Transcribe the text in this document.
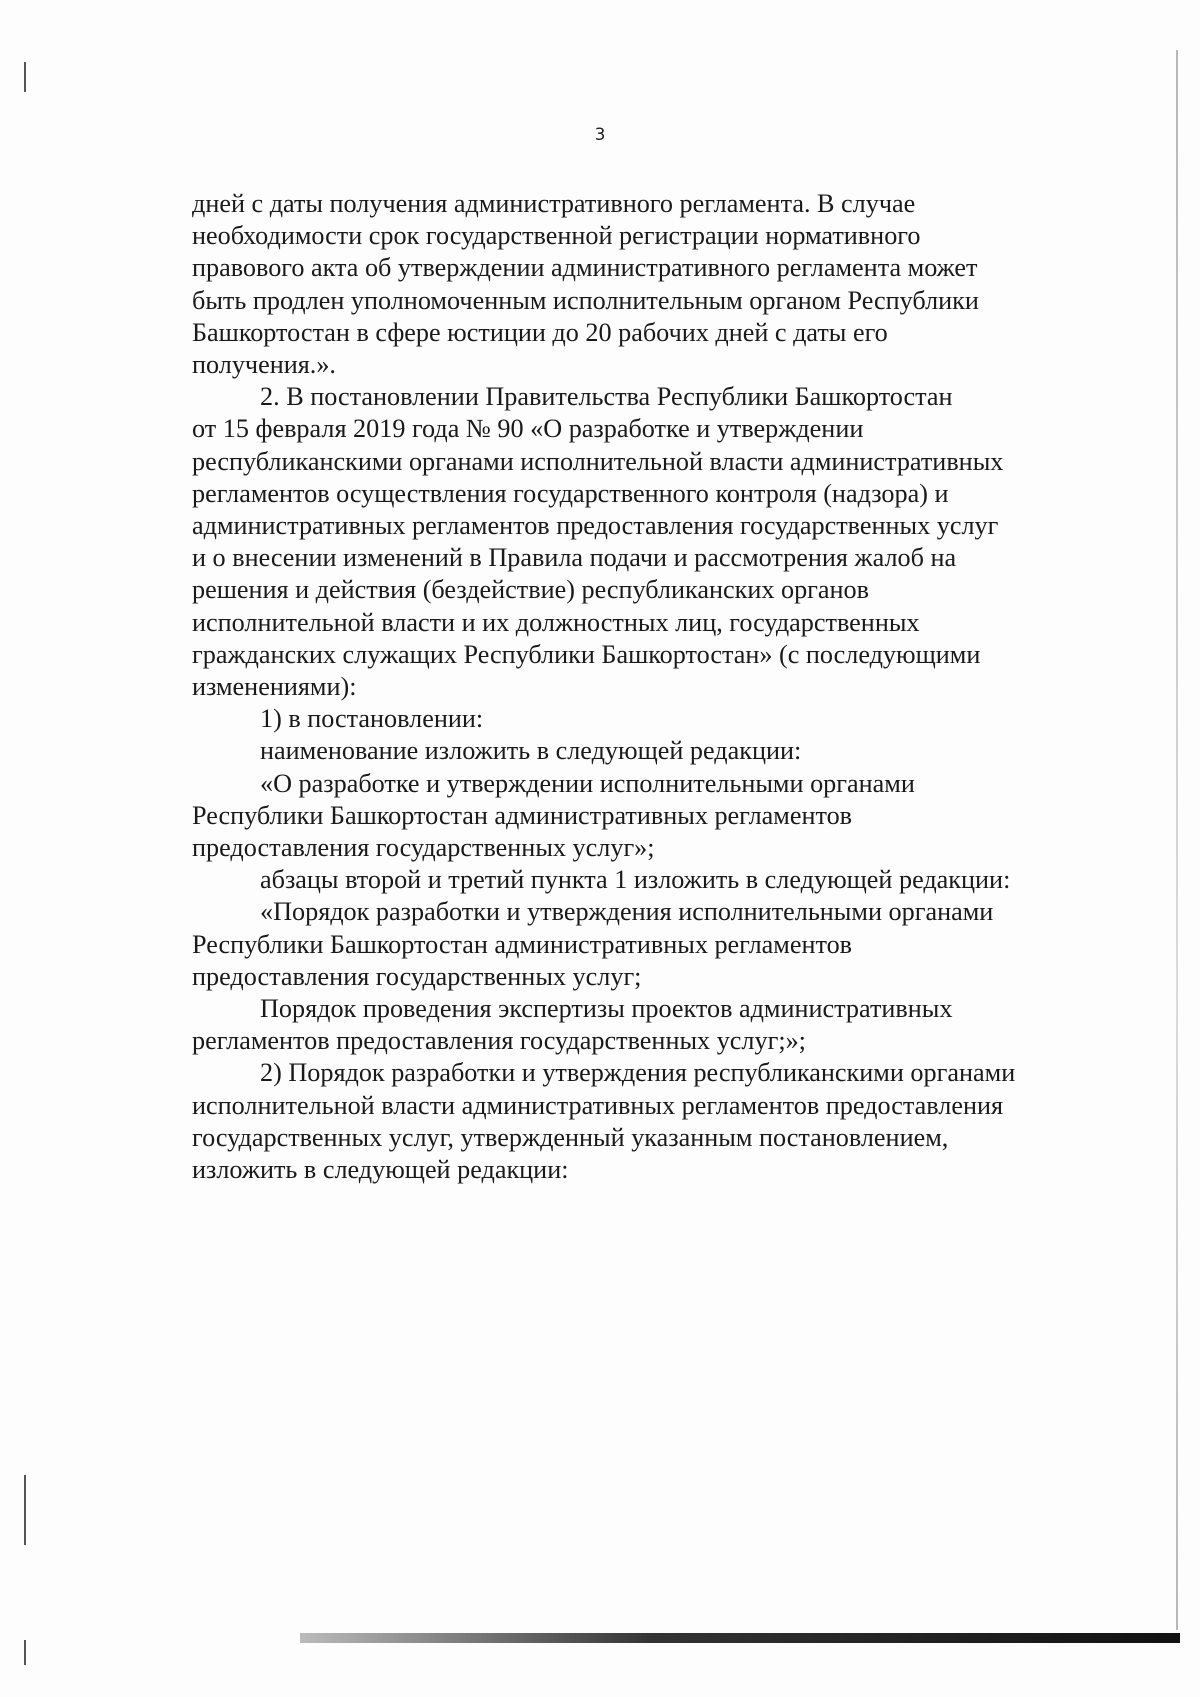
3

дней с даты получения административного регламента. В случае

необходимости срок государственной регистрации нормативного

правового акта об утверждении административного регламента может

быть продлен уполномоченным исполнительным органом Республики

Башкортостан в сфере юстиции до 20 рабочих дней с даты его

получения.».

2. В постановлении Правительства Республики Башкортостан

от 15 февраля 2019 года № 90 «О разработке и утверждении

республиканскими органами исполнительной власти административных

регламентов осуществления государственного контроля (надзора) и

административных регламентов предоставления государственных услуг

и о внесении изменений в Правила подачи и рассмотрения жалоб на

решения и действия (бездействие) республиканских органов

исполнительной власти и их должностных лиц, государственных

гражданских служащих Республики Башкортостан» (с последующими

изменениями):

1) в постановлении:

наименование изложить в следующей редакции:

«О разработке и утверждении исполнительными органами

Республики Башкортостан административных регламентов

предоставления государственных услуг»;

абзацы второй и третий пункта 1 изложить в следующей редакции:

«Порядок разработки и утверждения исполнительными органами

Республики Башкортостан административных регламентов

предоставления государственных услуг;

Порядок проведения экспертизы проектов административных

регламентов предоставления государственных услуг;»;

2) Порядок разработки и утверждения республиканскими органами

исполнительной власти административных регламентов предоставления

государственных услуг, утвержденный указанным постановлением,

изложить в следующей редакции:
